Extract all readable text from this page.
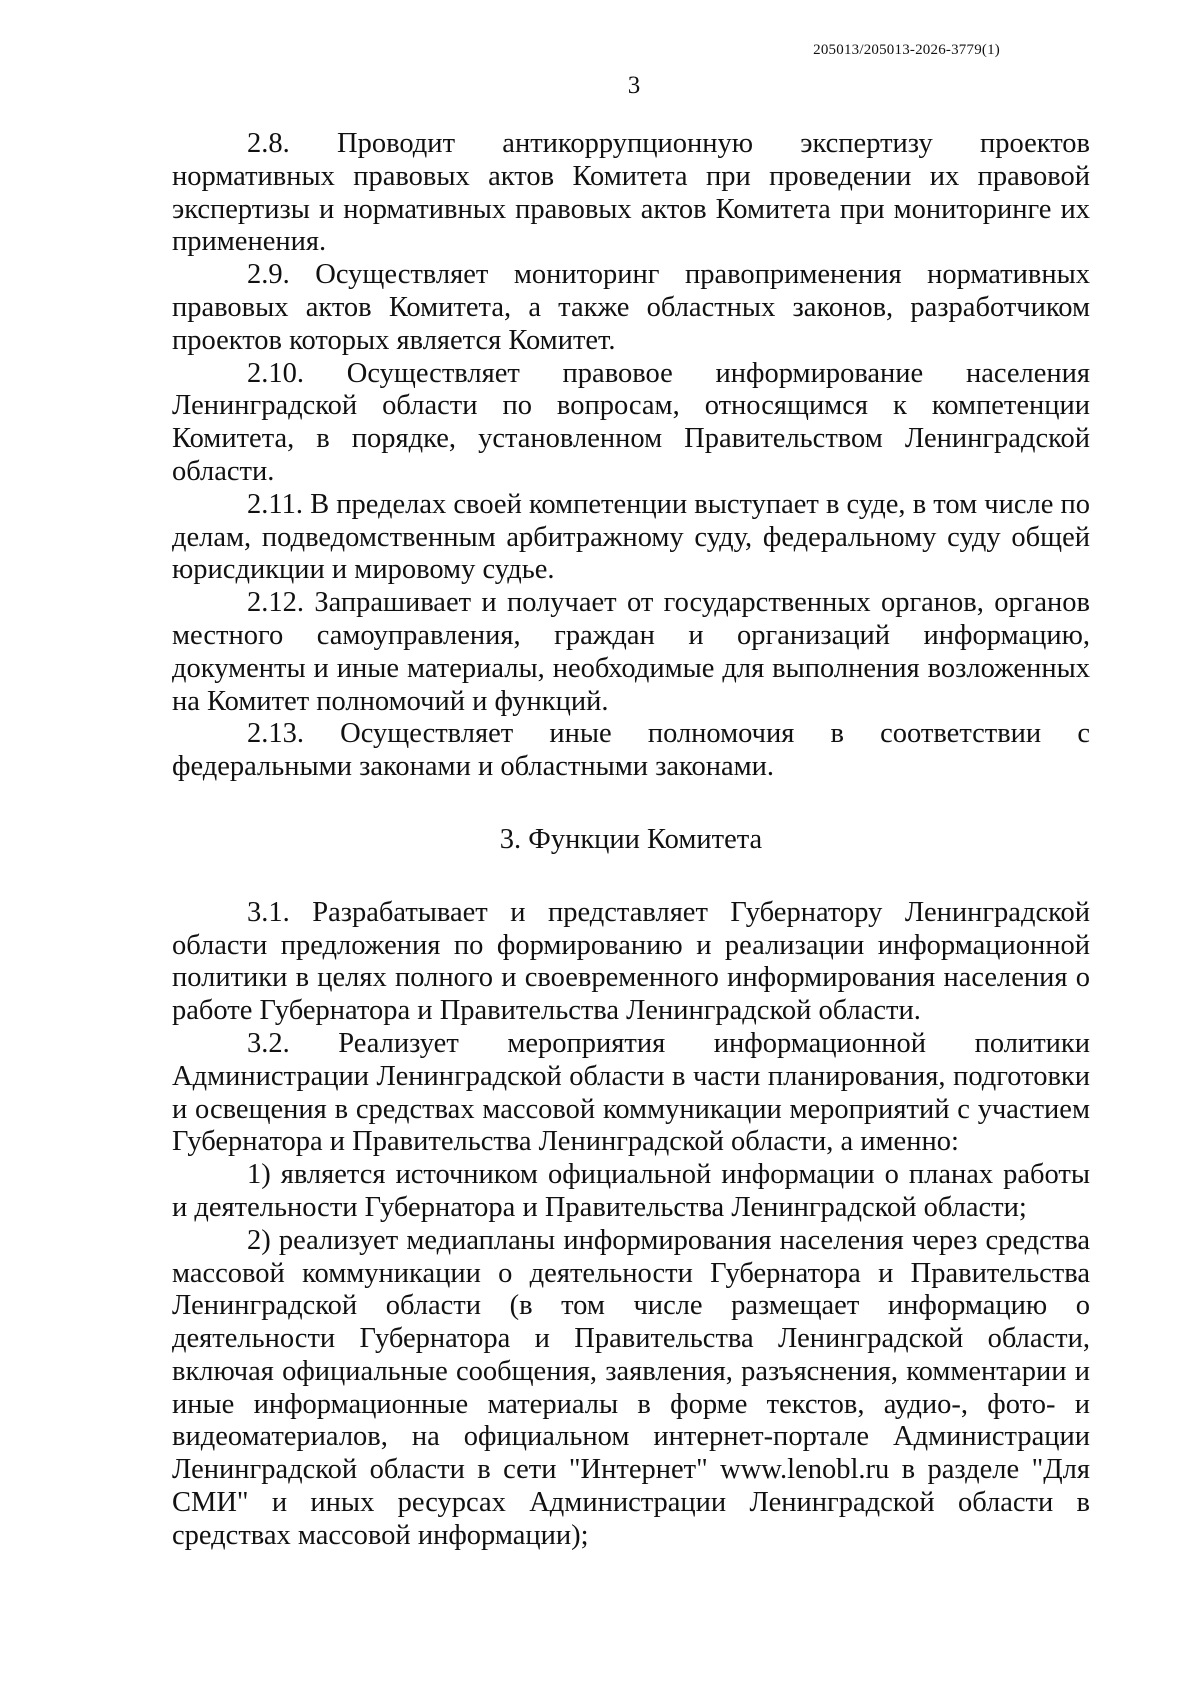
205013/205013-2026-3779(1)
3

2.8. Проводит антикоррупционную экспертизу проектов нормативных правовых актов Комитета при проведении их правовой экспертизы и нормативных правовых актов Комитета при мониторинге их применения.

2.9. Осуществляет мониторинг правоприменения нормативных правовых актов Комитета, а также областных законов, разработчиком проектов которых является Комитет.

2.10. Осуществляет правовое информирование населения Ленинградской области по вопросам, относящимся к компетенции Комитета, в порядке, установленном Правительством Ленинградской области.

2.11. В пределах своей компетенции выступает в суде, в том числе по делам, подведомственным арбитражному суду, федеральному суду общей юрисдикции и мировому судье.

2.12. Запрашивает и получает от государственных органов, органов местного самоуправления, граждан и организаций информацию, документы и иные материалы, необходимые для выполнения возложенных на Комитет полномочий и функций.

2.13. Осуществляет иные полномочия в соответствии с федеральными законами и областными законами.

3. Функции Комитета

3.1. Разрабатывает и представляет Губернатору Ленинградской области предложения по формированию и реализации информационной политики в целях полного и своевременного информирования населения о работе Губернатора и Правительства Ленинградской области.

3.2. Реализует мероприятия информационной политики Администрации Ленинградской области в части планирования, подготовки и освещения в средствах массовой коммуникации мероприятий с участием Губернатора и Правительства Ленинградской области, а именно:

1) является источником официальной информации о планах работы и деятельности Губернатора и Правительства Ленинградской области;

2) реализует медиапланы информирования населения через средства массовой коммуникации о деятельности Губернатора и Правительства Ленинградской области (в том числе размещает информацию о деятельности Губернатора и Правительства Ленинградской области, включая официальные сообщения, заявления, разъяснения, комментарии и иные информационные материалы в форме текстов, аудио-, фото- и видеоматериалов, на официальном интернет-портале Администрации Ленинградской области в сети "Интернет" www.lenobl.ru в разделе "Для СМИ" и иных ресурсах Администрации Ленинградской области в средствах массовой информации);
